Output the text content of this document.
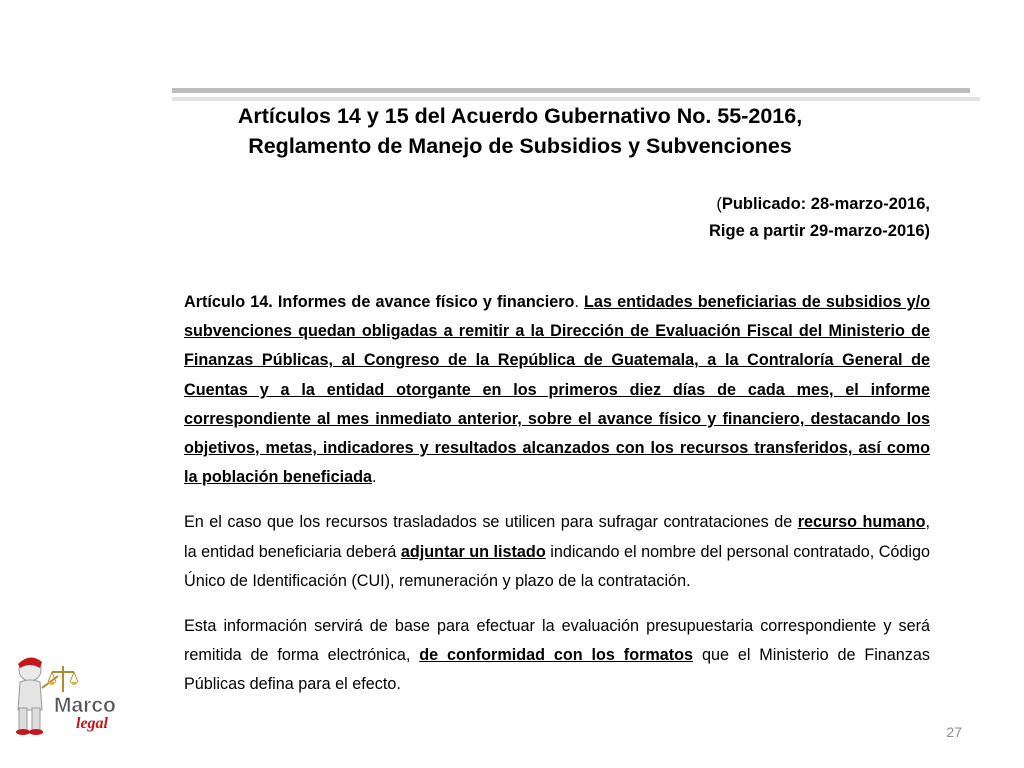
Artículos 14 y 15 del Acuerdo Gubernativo No. 55-2016,
Reglamento de Manejo de Subsidios y Subvenciones
(Publicado: 28-marzo-2016,
Rige a partir 29-marzo-2016)

Artículo 14. Informes de avance físico y financiero. Las entidades beneficiarias de subsidios y/o subvenciones quedan obligadas a remitir a la Dirección de Evaluación Fiscal del Ministerio de Finanzas Públicas, al Congreso de la República de Guatemala, a la Contraloría General de Cuentas y a la entidad otorgante en los primeros diez días de cada mes, el informe correspondiente al mes inmediato anterior, sobre el avance físico y financiero, destacando los objetivos, metas, indicadores y resultados alcanzados con los recursos transferidos, así como la población beneficiada.

En el caso que los recursos trasladados se utilicen para sufragar contrataciones de recurso humano, la entidad beneficiaria deberá adjuntar un listado indicando el nombre del personal contratado, Código Único de Identificación (CUI), remuneración y plazo de la contratación.

Esta información servirá de base para efectuar la evaluación presupuestaria correspondiente y será remitida de forma electrónica, de conformidad con los formatos que el Ministerio de Finanzas Públicas defina para el efecto.

Marco
legal	27
